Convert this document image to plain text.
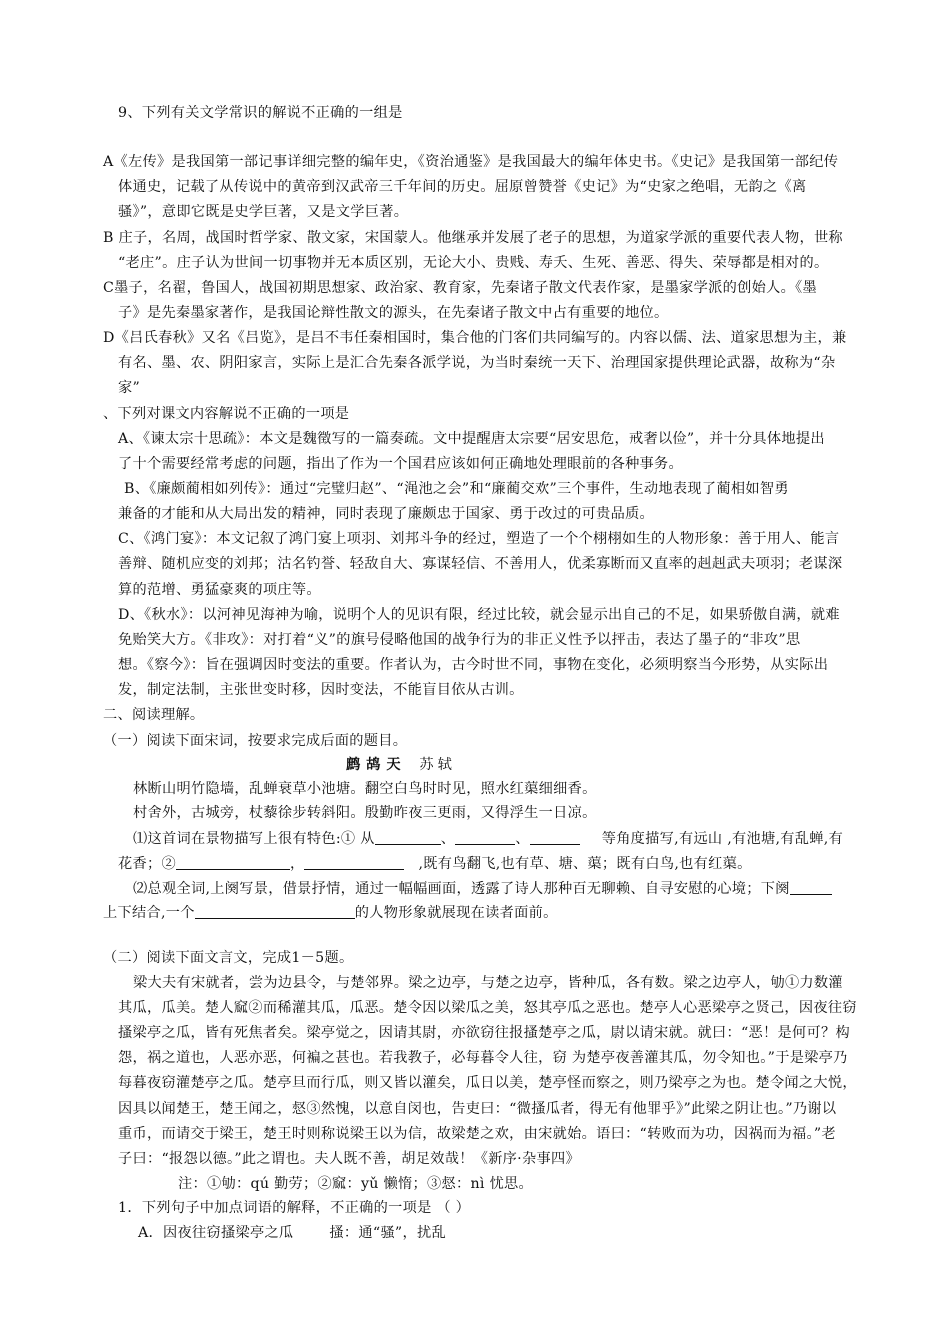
9、下列有关文学常识的解说不正确的一组是
A《左传》是我国第一部记事详细完整的编年史，《资治通鉴》是我国最大的编年体史书。《史记》是我国第一部纪传
体通史，记载了从传说中的黄帝到汉武帝三千年间的历史。屈原曾赞誉《史记》为“史家之绝唱，无韵之《离
骚》”，意即它既是史学巨著，又是文学巨著。
B 庄子，名周，战国时哲学家、散文家，宋国蒙人。他继承并发展了老子的思想，为道家学派的重要代表人物，世称
“老庄”。庄子认为世间一切事物并无本质区别，无论大小、贵贱、寿夭、生死、善恶、得失、荣辱都是相对的。
C墨子，名翟，鲁国人，战国初期思想家、政治家、教育家，先秦诸子散文代表作家，是墨家学派的创始人。《墨
子》是先秦墨家著作，是我国论辩性散文的源头，在先秦诸子散文中占有重要的地位。
D《吕氏春秋》又名《吕览》，是吕不韦任秦相国时，集合他的门客们共同编写的。内容以儒、法、道家思想为主，兼
有名、墨、农、阴阳家言，实际上是汇合先秦各派学说，为当时秦统一天下、治理国家提供理论武器，故称为“杂
家”
、下列对课文内容解说不正确的一项是
A、《谏太宗十思疏》：本文是魏徵写的一篇奏疏。文中提醒唐太宗要“居安思危，戒奢以俭”，并十分具体地提出
了十个需要经常考虑的问题，指出了作为一个国君应该如何正确地处理眼前的各种事务。
B、《廉颇蔺相如列传》：通过“完璧归赵”、“渑池之会”和“廉蔺交欢”三个事件，生动地表现了蔺相如智勇
兼备的才能和从大局出发的精神，同时表现了廉颇忠于国家、勇于改过的可贵品质。
C、《鸿门宴》：本文记叙了鸿门宴上项羽、刘邦斗争的经过，塑造了一个个栩栩如生的人物形象：善于用人、能言
善辩、随机应变的刘邦；沽名钓誉、轻敌自大、寡谋轻信、不善用人，优柔寡断而又直率的赳赳武夫项羽；老谋深
算的范增、勇猛豪爽的项庄等。
D、《秋水》：以河神见海神为喻，说明个人的见识有限，经过比较，就会显示出自己的不足，如果骄傲自满，就难
免贻笑大方。《非攻》：对打着“义”的旗号侵略他国的战争行为的非正义性予以抨击，表达了墨子的“非攻”思
想。《察今》：旨在强调因时变法的重要。作者认为，古今时世不同，事物在变化，必须明察当今形势，从实际出
发，制定法制，主张世变时移，因时变法，不能盲目依从古训。
二、阅读理解。
（一）阅读下面宋词，按要求完成后面的题目。
鹧鸪天 苏轼
林断山明竹隐墙，乱蝉衰草小池塘。翻空白鸟时时见，照水红蕖细细香。
村舍外，古城旁，杖藜徐步转斜阳。殷勤昨夜三更雨，又得浮生一日凉。
⑴这首词在景物描写上很有特色:① 从	、	、	等角度描写,有远山 ,有池塘,有乱蝉,有
花香；②	，	,既有鸟翻飞,也有草、塘、蕖；既有白鸟,也有红蕖。
⑵总观全词,上阕写景，借景抒情，通过一幅幅画面，透露了诗人那种百无聊赖、自寻安慰的心境；下阕
上下结合,一个	的人物形象就展现在读者面前。
（二）阅读下面文言文，完成1－5题。
梁大夫有宋就者，尝为边县令，与楚邻界。梁之边亭，与楚之边亭，皆种瓜，各有数。梁之边亭人，劬①力数灌
其瓜，瓜美。楚人窳②而稀灌其瓜，瓜恶。楚令因以梁瓜之美，怒其亭瓜之恶也。楚亭人心恶梁亭之贤己，因夜往窃
搔梁亭之瓜，皆有死焦者矣。梁亭觉之，因请其尉，亦欲窃往报搔楚亭之瓜，尉以请宋就。就曰：“恶！是何可？构
怨，祸之道也，人恶亦恶，何褊之甚也。若我教子，必每暮令人往，窃 为楚亭夜善灌其瓜，勿令知也。”于是梁亭乃
每暮夜窃灌楚亭之瓜。楚亭旦而行瓜，则又皆以灌矣，瓜日以美，楚亭怪而察之，则乃梁亭之为也。楚令闻之大悦，
因具以闻楚王，楚王闻之，惄③然愧，以意自闵也，告吏曰：“微搔瓜者，得无有他罪乎》”此梁之阴让也。”乃谢以
重币，而请交于梁王，楚王时则称说梁王以为信，故梁楚之欢，由宋就始。语曰：“转败而为功，因祸而为福。”老
子曰：“报怨以德。”此之谓也。夫人既不善，胡足效哉！《新序·杂事四》
注：①劬：qú 勤劳；②窳：yǔ 懒惰；③惄：nì 忧思。
1．下列句子中加点词语的解释，不正确的一项是 （ ）
A．因夜往窃搔梁亭之瓜	搔：通“骚”，扰乱
